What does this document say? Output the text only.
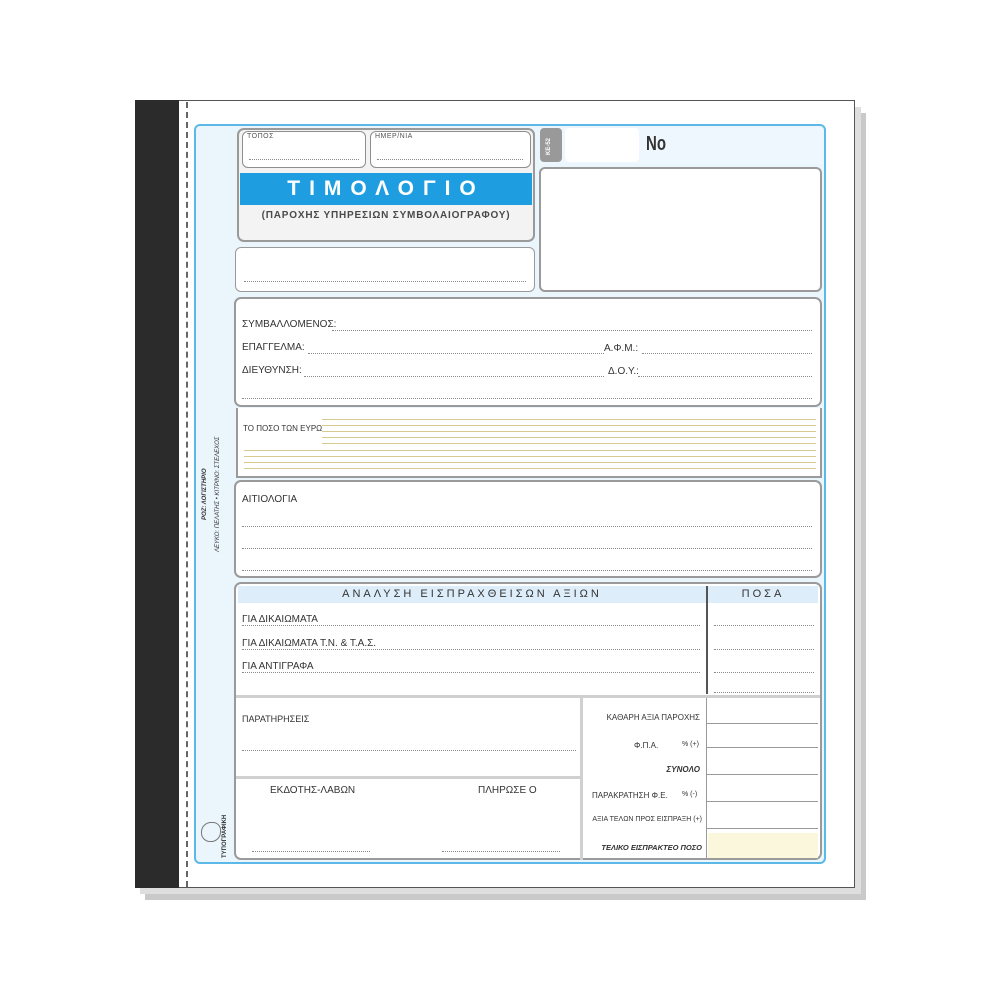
ΡΟΖ: ΛΟΓΙΣΤΗΡΙΟ ΛΕΥΚΟ: ΠΕΛΑΤΗΣ • ΚΙΤΡΙΝΟ: ΣΤΕΛΕΧΟΣ
ΤΥΠΟΓΡΑΦΙΚΗ
ΤΟΠΟΣ	ΗΜΕΡ/ΝΙΑ
ΤΙΜΟΛΟΓΙΟ
(ΠΑΡΟΧΗΣ ΥΠΗΡΕΣΙΩΝ ΣΥΜΒΟΛΑΙΟΓΡΑΦΟΥ)
ΚΕ-52	No
ΣΥΜΒΑΛΛΟΜΕΝΟΣ:
ΕΠΑΓΓΕΛΜΑ:	Α.Φ.Μ.:
ΔΙΕΥΘΥΝΣΗ:	Δ.Ο.Υ.:
ΤΟ ΠΟΣΟ ΤΩΝ ΕΥΡΩ
ΑΙΤΙΟΛΟΓΙΑ
ΑΝΑΛΥΣΗ ΕΙΣΠΡΑΧΘΕΙΣΩΝ ΑΞΙΩΝ	ΠΟΣΑ
ΓΙΑ ΔΙΚΑΙΩΜΑΤΑ
ΓΙΑ ΔΙΚΑΙΩΜΑΤΑ Τ.Ν. & Τ.Α.Σ.
ΓΙΑ ΑΝΤΙΓΡΑΦΑ
ΠΑΡΑΤΗΡΗΣΕΙΣ
ΕΚΔΟΤΗΣ-ΛΑΒΩΝ	ΠΛΗΡΩΣΕ Ο
ΚΑΘΑΡΗ ΑΞΙΑ ΠΑΡΟΧΗΣ
Φ.Π.Α.	% (+)
ΣΥΝΟΛΟ
ΠΑΡΑΚΡΑΤΗΣΗ Φ.Ε. % (-)
ΑΞΙΑ ΤΕΛΩΝ ΠΡΟΣ ΕΙΣΠΡΑΞΗ (+)
ΤΕΛΙΚΟ ΕΙΣΠΡΑΚΤΕΟ ΠΟΣΟ
